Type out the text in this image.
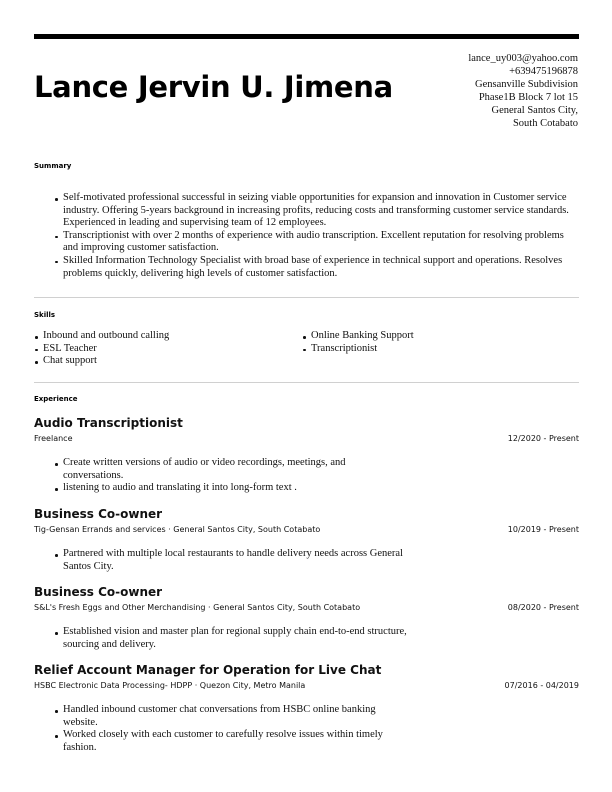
Lance Jervin U. Jimena
lance_uy003@yahoo.com
+639475196878
Gensanville Subdivision
Phase1B Block 7 lot 15
General Santos City,
South Cotabato
Summary
Self-motivated professional successful in seizing viable opportunities for expansion and innovation in Customer service industry. Offering 5-years background in increasing profits, reducing costs and transforming customer service standards. Experienced in leading and supervising team of 12 employees.
Transcriptionist with over 2 months of experience with audio transcription. Excellent reputation for resolving problems and improving customer satisfaction.
Skilled Information Technology Specialist with broad base of experience in technical support and operations. Resolves problems quickly, delivering high levels of customer satisfaction.
Skills
Inbound and outbound calling
ESL Teacher
Chat support
Online Banking Support
Transcriptionist
Experience
Audio Transcriptionist
Freelance	12/2020 - Present
Create written versions of audio or video recordings, meetings, and conversations.
listening to audio and translating it into long-form text .
Business Co-owner
Tig-Gensan Errands and services · General Santos City, South Cotabato	10/2019 - Present
Partnered with multiple local restaurants to handle delivery needs across General Santos City.
Business Co-owner
S&L's Fresh Eggs and Other Merchandising · General Santos City, South Cotabato	08/2020 - Present
Established vision and master plan for regional supply chain end-to-end structure, sourcing and delivery.
Relief Account Manager for Operation for Live Chat
HSBC Electronic Data Processing- HDPP · Quezon City, Metro Manila	07/2016 - 04/2019
Handled inbound customer chat conversations from HSBC online banking website.
Worked closely with each customer to carefully resolve issues within timely fashion.
